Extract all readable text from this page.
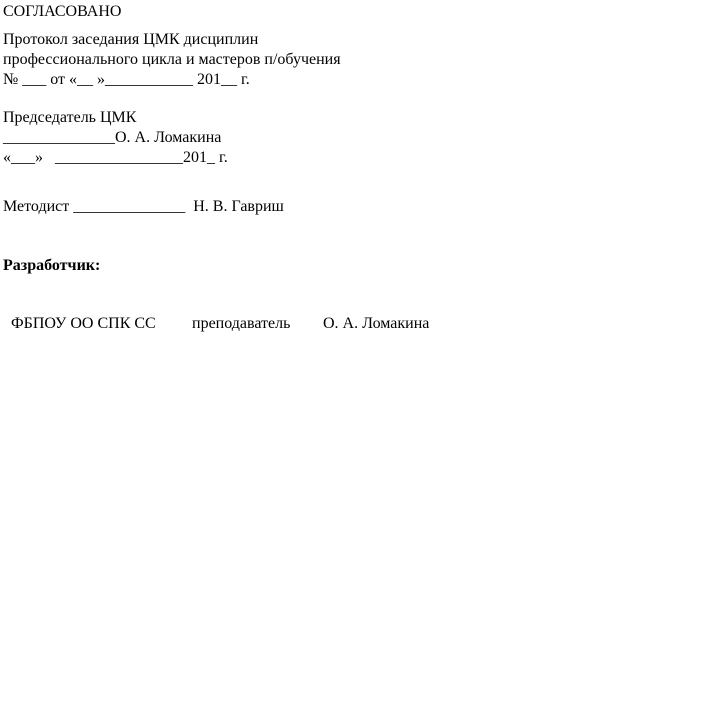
СОГЛАСОВАНО

Протокол заседания ЦМК дисциплин

профессионального цикла и мастеров п/обучения

№ ___ от «__ »___________ 201__ г.

Председатель ЦМК

______________О. А. Ломакина

«___»   ________________201_ г.

Методист ______________  Н. В. Гавриш

Разработчик:

ФБПОУ ОО СПК СС преподаватель О. А. Ломакина
